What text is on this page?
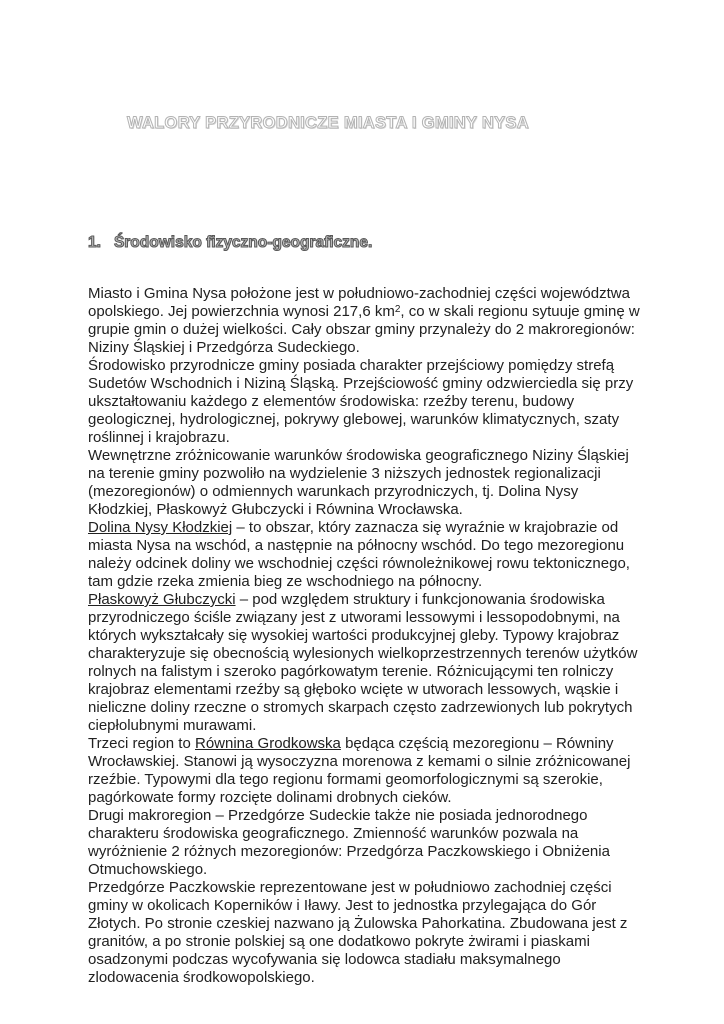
WALORY PRZYRODNICZE MIASTA I GMINY NYSA
1. Środowisko fizyczno-geograficzne.

Miasto i Gmina Nysa położone jest w południowo-zachodniej części województwa opolskiego. Jej powierzchnia wynosi 217,6 $km^2$, co w skali regionu sytuuje gminę w grupie gmin o dużej wielkości. Cały obszar gminy przynależy do 2 makroregionów: Niziny Śląskiej i Przedgórza Sudeckiego.

Środowisko przyrodnicze gminy posiada charakter przejściowy pomiędzy strefą Sudetów Wschodnich i Niziną Śląską. Przejściowość gminy odzwierciedla się przy ukształtowaniu każdego z elementów środowiska: rzeźby terenu, budowy geologicznej, hydrologicznej, pokrywy glebowej, warunków klimatycznych, szaty roślinnej i krajobrazu.

Wewnętrzne zróżnicowanie warunków środowiska geograficznego Niziny Śląskiej na terenie gminy pozwoliło na wydzielenie 3 niższych jednostek regionalizacji (mezoregionów) o odmiennych warunkach przyrodniczych, tj. Dolina Nysy Kłodzkiej, Płaskowyż Głubczycki i Równina Wrocławska.

Dolina Nysy Kłodzkiej – to obszar, który zaznacza się wyraźnie w krajobrazie od miasta Nysa na wschód, a następnie na północny wschód. Do tego mezoregionu należy odcinek doliny we wschodniej części równoleżnikowej rowu tektonicznego, tam gdzie rzeka zmienia bieg ze wschodniego na północny.

Płaskowyż Głubczycki – pod względem struktury i funkcjonowania środowiska przyrodniczego ściśle związany jest z utworami lessowymi i lessopodobnymi, na których wykształcały się wysokiej wartości produkcyjnej gleby. Typowy krajobraz charakteryzuje się obecnością wylesionych wielkoprzestrzennych terenów użytków rolnych na falistym i szeroko pagórkowatym terenie. Różnicującymi ten rolniczy krajobraz elementami rzeźby są głęboko wcięte w utworach lessowych, wąskie i nieliczne doliny rzeczne o stromych skarpach często zadrzewionych lub pokrytych ciepłolubnymi murawami.

Trzeci region to Równina Grodkowska będąca częścią mezoregionu – Równiny Wrocławskiej. Stanowi ją wysoczyzna morenowa z kemami o silnie zróżnicowanej rzeźbie. Typowymi dla tego regionu formami geomorfologicznymi są szerokie, pagórkowate formy rozcięte dolinami drobnych cieków.

Drugi makroregion – Przedgórze Sudeckie także nie posiada jednorodnego charakteru środowiska geograficznego. Zmienność warunków pozwala na wyróżnienie 2 różnych mezoregionów: Przedgórza Paczkowskiego i Obniżenia Otmuchowskiego.

Przedgórze Paczkowskie reprezentowane jest w południowo zachodniej części gminy w okolicach Koperników i Iławy. Jest to jednostka przylegająca do Gór Złotych. Po stronie czeskiej nazwano ją Żulowska Pahorkatina. Zbudowana jest z granitów, a po stronie polskiej są one dodatkowo pokryte żwirami i piaskami osadzonymi podczas wycofywania się lodowca stadiału maksymalnego zlodowacenia środkowopolskiego.
